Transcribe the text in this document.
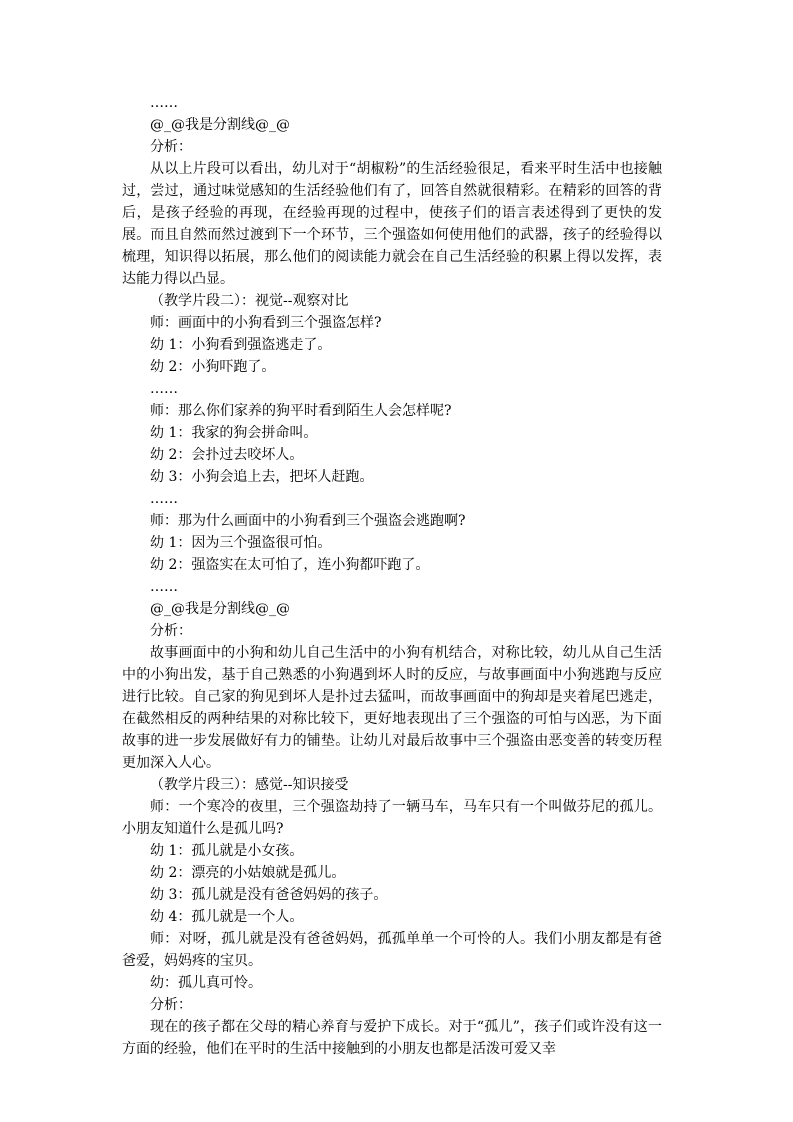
……

@_@我是分割线@_@

分析：

从以上片段可以看出，幼儿对于“胡椒粉”的生活经验很足，看来平时生活中也接触过，尝过，通过味觉感知的生活经验他们有了，回答自然就很精彩。在精彩的回答的背后，是孩子经验的再现，在经验再现的过程中，使孩子们的语言表述得到了更快的发展。而且自然而然过渡到下一个环节，三个强盗如何使用他们的武器，孩子的经验得以梳理，知识得以拓展，那么他们的阅读能力就会在自己生活经验的积累上得以发挥，表达能力得以凸显。

（教学片段二）：视觉--观察对比

师：画面中的小狗看到三个强盗怎样?

幼 1：小狗看到强盗逃走了。

幼 2：小狗吓跑了。

……

师：那么你们家养的狗平时看到陌生人会怎样呢?

幼 1：我家的狗会拼命叫。

幼 2：会扑过去咬坏人。

幼 3：小狗会追上去，把坏人赶跑。

……

师：那为什么画面中的小狗看到三个强盗会逃跑啊?

幼 1：因为三个强盗很可怕。

幼 2：强盗实在太可怕了，连小狗都吓跑了。

……

@_@我是分割线@_@

分析：

故事画面中的小狗和幼儿自己生活中的小狗有机结合，对称比较，幼儿从自己生活中的小狗出发，基于自己熟悉的小狗遇到坏人时的反应，与故事画面中小狗逃跑与反应进行比较。自己家的狗见到坏人是扑过去猛叫，而故事画面中的狗却是夹着尾巴逃走，在截然相反的两种结果的对称比较下，更好地表现出了三个强盗的可怕与凶恶，为下面故事的进一步发展做好有力的铺垫。让幼儿对最后故事中三个强盗由恶变善的转变历程更加深入人心。

（教学片段三）：感觉--知识接受

师：一个寒冷的夜里，三个强盗劫持了一辆马车，马车只有一个叫做芬尼的孤儿。小朋友知道什么是孤儿吗?

幼 1：孤儿就是小女孩。

幼 2：漂亮的小姑娘就是孤儿。

幼 3：孤儿就是没有爸爸妈妈的孩子。

幼 4：孤儿就是一个人。

师：对呀，孤儿就是没有爸爸妈妈，孤孤单单一个可怜的人。我们小朋友都是有爸爸爱，妈妈疼的宝贝。

幼：孤儿真可怜。

分析：

现在的孩子都在父母的精心养育与爱护下成长。对于“孤儿”，孩子们或许没有这一方面的经验，他们在平时的生活中接触到的小朋友也都是活泼可爱又幸
